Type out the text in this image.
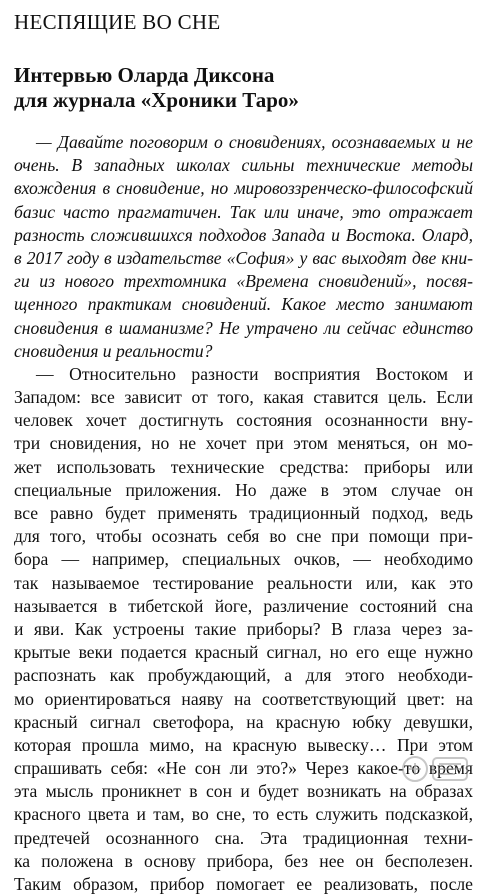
НЕСПЯЩИЕ ВО СНЕ
Интервью Оларда Диксона
для журнала «Хроники Таро»
— Давайте поговорим о сновидениях, осознаваемых и не
очень. В западных школах сильны технические методы
вхождения в сновидение, но мировоззренческо-философский
базис часто прагматичен. Так или иначе, это отражает
разность сложившихся подходов Запада и Востока. Олард,
в 2017 году в издательстве «София» у вас выходят две кни-
ги из нового трехтомника «Времена сновидений», посвя-
щенного практикам сновидений. Какое место занимают
сновидения в шаманизме? Не утрачено ли сейчас единство
сновидения и реальности?
— Относительно разности восприятия Востоком и
Западом: все зависит от того, какая ставится цель. Если
человек хочет достигнуть состояния осознанности вну-
три сновидения, но не хочет при этом меняться, он мо-
жет использовать технические средства: приборы или
специальные приложения. Но даже в этом случае он
все равно будет применять традиционный подход, ведь
для того, чтобы осознать себя во сне при помощи при-
бора — например, специальных очков, — необходимо
так называемое тестирование реальности или, как это
называется в тибетской йоге, различение состояний сна
и яви. Как устроены такие приборы? В глаза через за-
крытые веки подается красный сигнал, но его еще нужно
распознать как пробуждающий, а для этого необходи-
мо ориентироваться наяву на соответствующий цвет: на
красный сигнал светофора, на красную юбку девушки,
которая прошла мимо, на красную вывеску… При этом
спрашивать себя: «Не сон ли это?» Через какое-то время
эта мысль проникнет в сон и будет возникать на образах
красного цвета и там, во сне, то есть служить подсказкой,
предтечей осознанного сна. Эта традиционная техни-
ка положена в основу прибора, без нее он бесполезен.
Таким образом, прибор помогает ее реализовать, после
